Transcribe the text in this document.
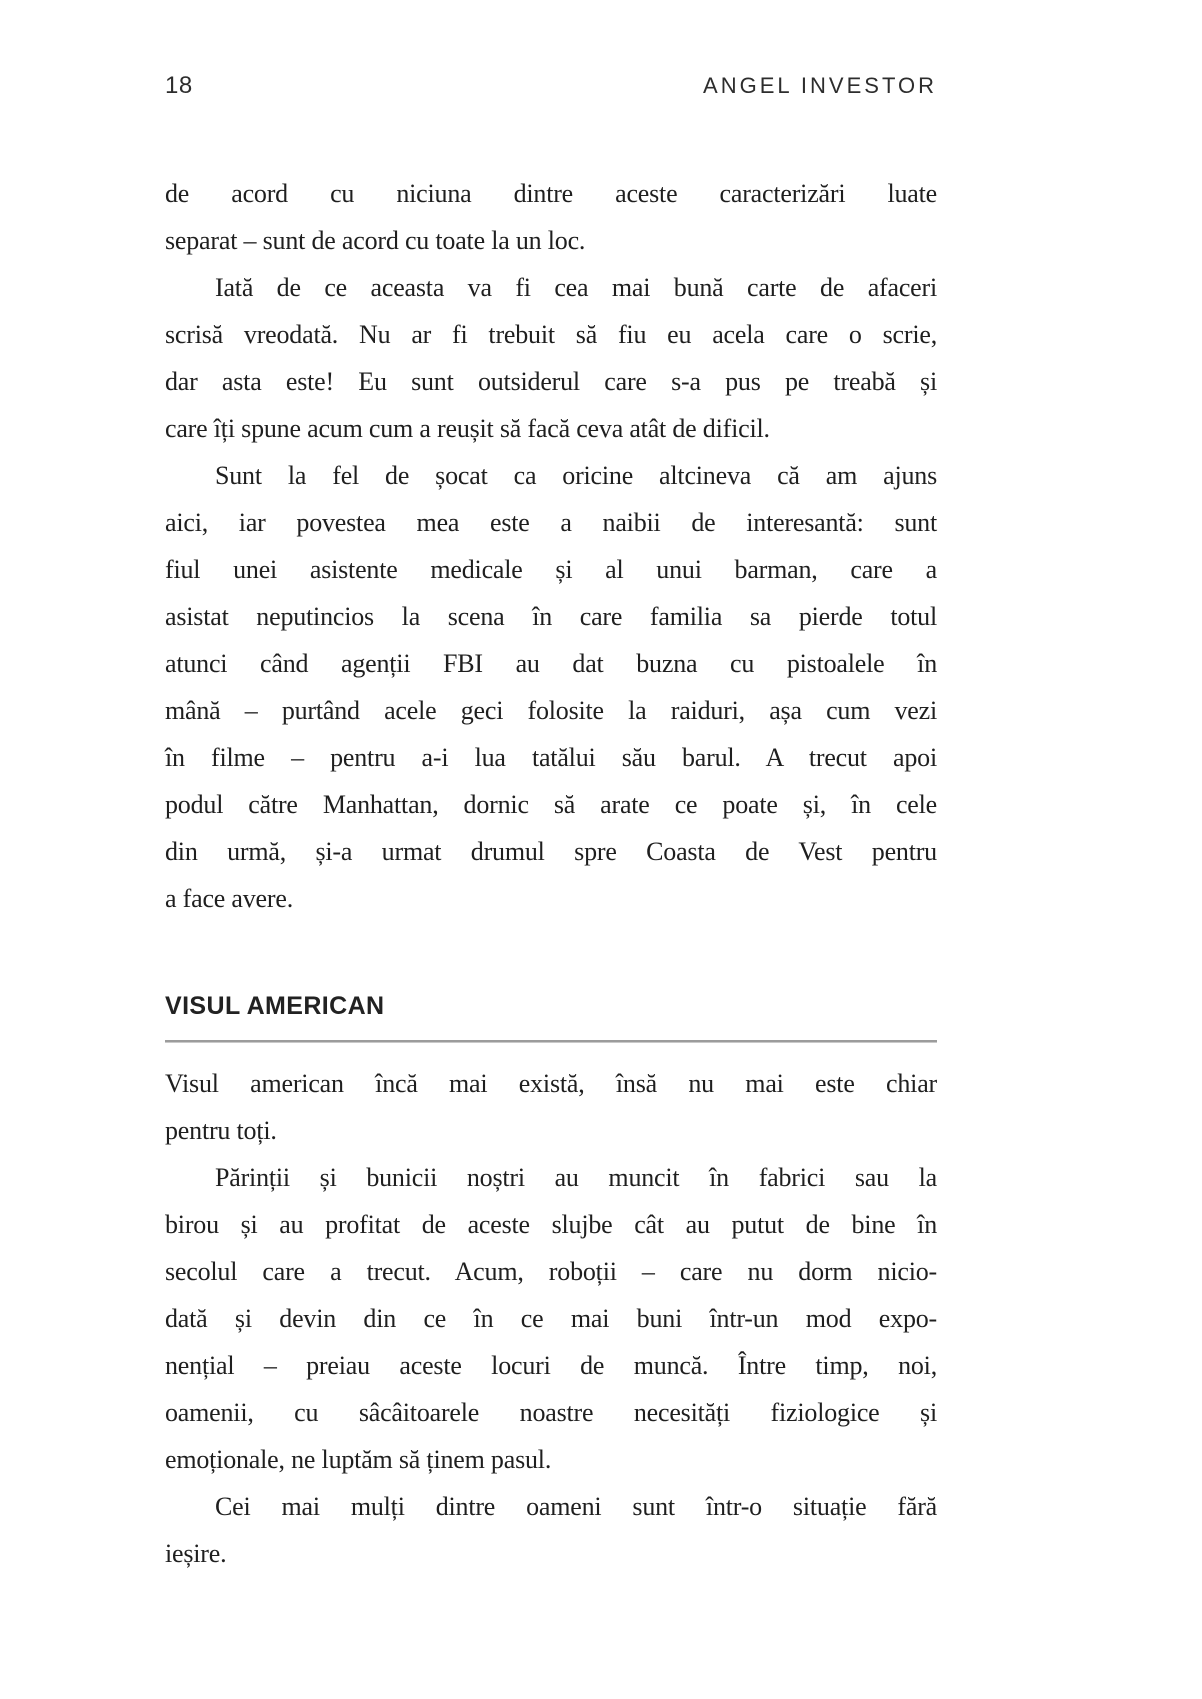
18	ANGEL INVESTOR
de acord cu niciuna dintre aceste caracterizări luate
separat – sunt de acord cu toate la un loc.
Iată de ce aceasta va fi cea mai bună carte de afaceri
scrisă vreodată. Nu ar fi trebuit să fiu eu acela care o scrie,
dar asta este! Eu sunt outsiderul care s-a pus pe treabă și
care îți spune acum cum a reușit să facă ceva atât de dificil.
Sunt la fel de șocat ca oricine altcineva că am ajuns
aici, iar povestea mea este a naibii de interesantă: sunt
fiul unei asistente medicale și al unui barman, care a
asistat neputincios la scena în care familia sa pierde totul
atunci când agenții FBI au dat buzna cu pistoalele în
mână – purtând acele geci folosite la raiduri, așa cum vezi
în filme – pentru a-i lua tatălui său barul. A trecut apoi
podul către Manhattan, dornic să arate ce poate și, în cele
din urmă, și-a urmat drumul spre Coasta de Vest pentru
a face avere.
VISUL AMERICAN
Visul american încă mai există, însă nu mai este chiar
pentru toți.
Părinții și bunicii noștri au muncit în fabrici sau la
birou și au profitat de aceste slujbe cât au putut de bine în
secolul care a trecut. Acum, roboții – care nu dorm nicio-
dată și devin din ce în ce mai buni într-un mod expo-
nențial – preiau aceste locuri de muncă. Între timp, noi,
oamenii, cu sâcâitoarele noastre necesități fiziologice și
emoționale, ne luptăm să ținem pasul.
Cei mai mulți dintre oameni sunt într-o situație fără
ieșire.
